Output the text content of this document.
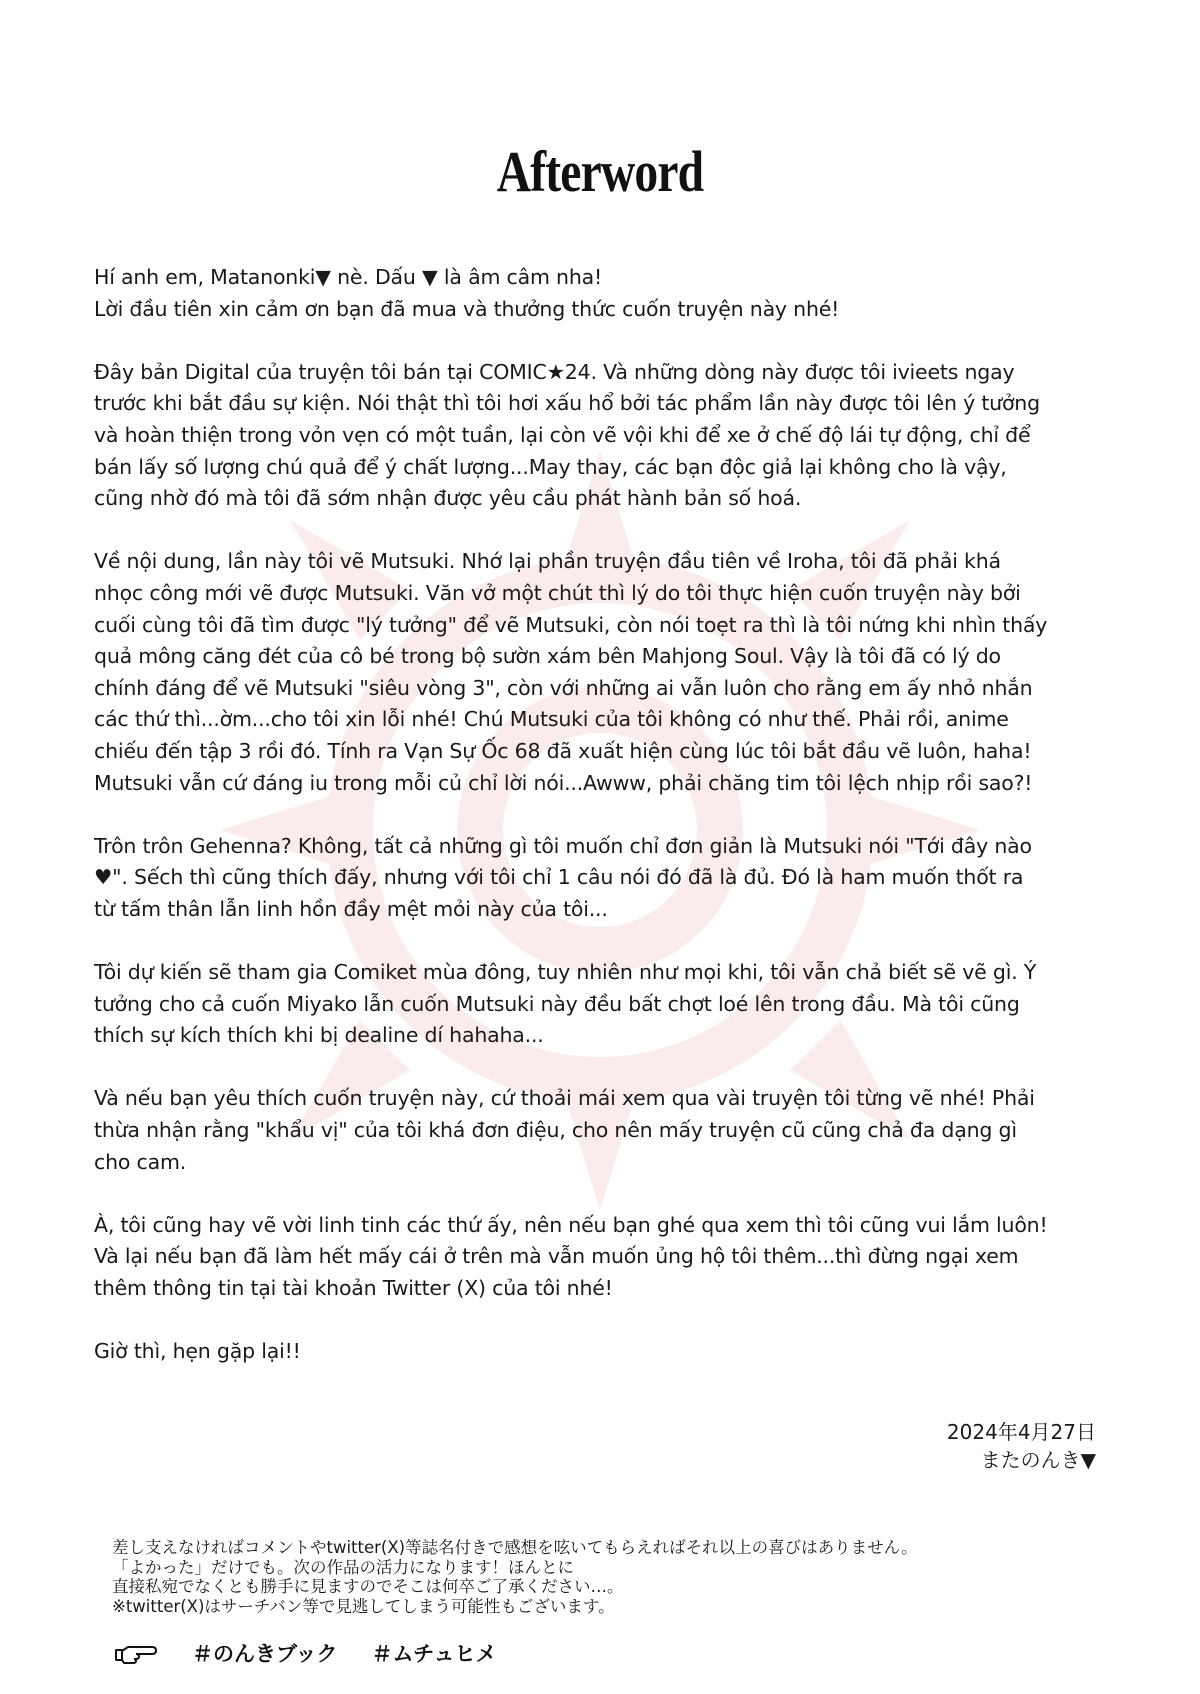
Afterword

Hí anh em, Matanonki▼ nè. Dấu ▼ là âm câm nha!

Lời đầu tiên xin cảm ơn bạn đã mua và thưởng thức cuốn truyện này nhé!

Đây bản Digital của truyện tôi bán tại COMIC★24. Và những dòng này được tôi ivieets ngay

trước khi bắt đầu sự kiện. Nói thật thì tôi hơi xấu hổ bởi tác phẩm lần này được tôi lên ý tưởng

và hoàn thiện trong vỏn vẹn có một tuần, lại còn vẽ vội khi để xe ở chế độ lái tự động, chỉ để

bán lấy số lượng chú quả để ý chất lượng...May thay, các bạn độc giả lại không cho là vậy,

cũng nhờ đó mà tôi đã sớm nhận được yêu cầu phát hành bản số hoá.

Về nội dung, lần này tôi vẽ Mutsuki. Nhớ lại phần truyện đầu tiên về Iroha, tôi đã phải khá

nhọc công mới vẽ được Mutsuki. Văn vở một chút thì lý do tôi thực hiện cuốn truyện này bởi

cuối cùng tôi đã tìm được "lý tưởng" để vẽ Mutsuki, còn nói toẹt ra thì là tôi nứng khi nhìn thấy

quả mông căng đét của cô bé trong bộ sườn xám bên Mahjong Soul. Vậy là tôi đã có lý do

chính đáng để vẽ Mutsuki "siêu vòng 3", còn với những ai vẫn luôn cho rằng em ấy nhỏ nhắn

các thứ thì...ờm...cho tôi xin lỗi nhé! Chú Mutsuki của tôi không có như thế. Phải rồi, anime

chiếu đến tập 3 rồi đó. Tính ra Vạn Sự Ốc 68 đã xuất hiện cùng lúc tôi bắt đầu vẽ luôn, haha!

Mutsuki vẫn cứ đáng iu trong mỗi củ chỉ lời nói...Awww, phải chăng tim tôi lệch nhịp rồi sao?!

Trôn trôn Gehenna? Không, tất cả những gì tôi muốn chỉ đơn giản là Mutsuki nói "Tới đây nào

♥". Sếch thì cũng thích đấy, nhưng với tôi chỉ 1 câu nói đó đã là đủ. Đó là ham muốn thốt ra

từ tấm thân lẫn linh hồn đầy mệt mỏi này của tôi...

Tôi dự kiến sẽ tham gia Comiket mùa đông, tuy nhiên như mọi khi, tôi vẫn chả biết sẽ vẽ gì. Ý

tưởng cho cả cuốn Miyako lẫn cuốn Mutsuki này đều bất chợt loé lên trong đầu. Mà tôi cũng

thích sự kích thích khi bị dealine dí hahaha...

Và nếu bạn yêu thích cuốn truyện này, cứ thoải mái xem qua vài truyện tôi từng vẽ nhé! Phải

thừa nhận rằng "khẩu vị" của tôi khá đơn điệu, cho nên mấy truyện cũ cũng chả đa dạng gì

cho cam.

À, tôi cũng hay vẽ vời linh tinh các thứ ấy, nên nếu bạn ghé qua xem thì tôi cũng vui lắm luôn!

Và lại nếu bạn đã làm hết mấy cái ở trên mà vẫn muốn ủng hộ tôi thêm...thì đừng ngại xem

thêm thông tin tại tài khoản Twitter (X) của tôi nhé!

Giờ thì, hẹn gặp lại!!

2024年4月27日
またのんき▼

差し支えなければコメントやtwitter(X)等誌名付きで感想を呟いてもらえればそれ以上の喜びはありません。

「よかった」だけでも。次の作品の活力になります！ほんとに

直接私宛でなくとも勝手に見ますのでそこは何卒ご了承ください…。

※twitter(X)はサーチバン等で見逃してしまう可能性もございます。

＃のんきブック ＃ムチュヒメ
